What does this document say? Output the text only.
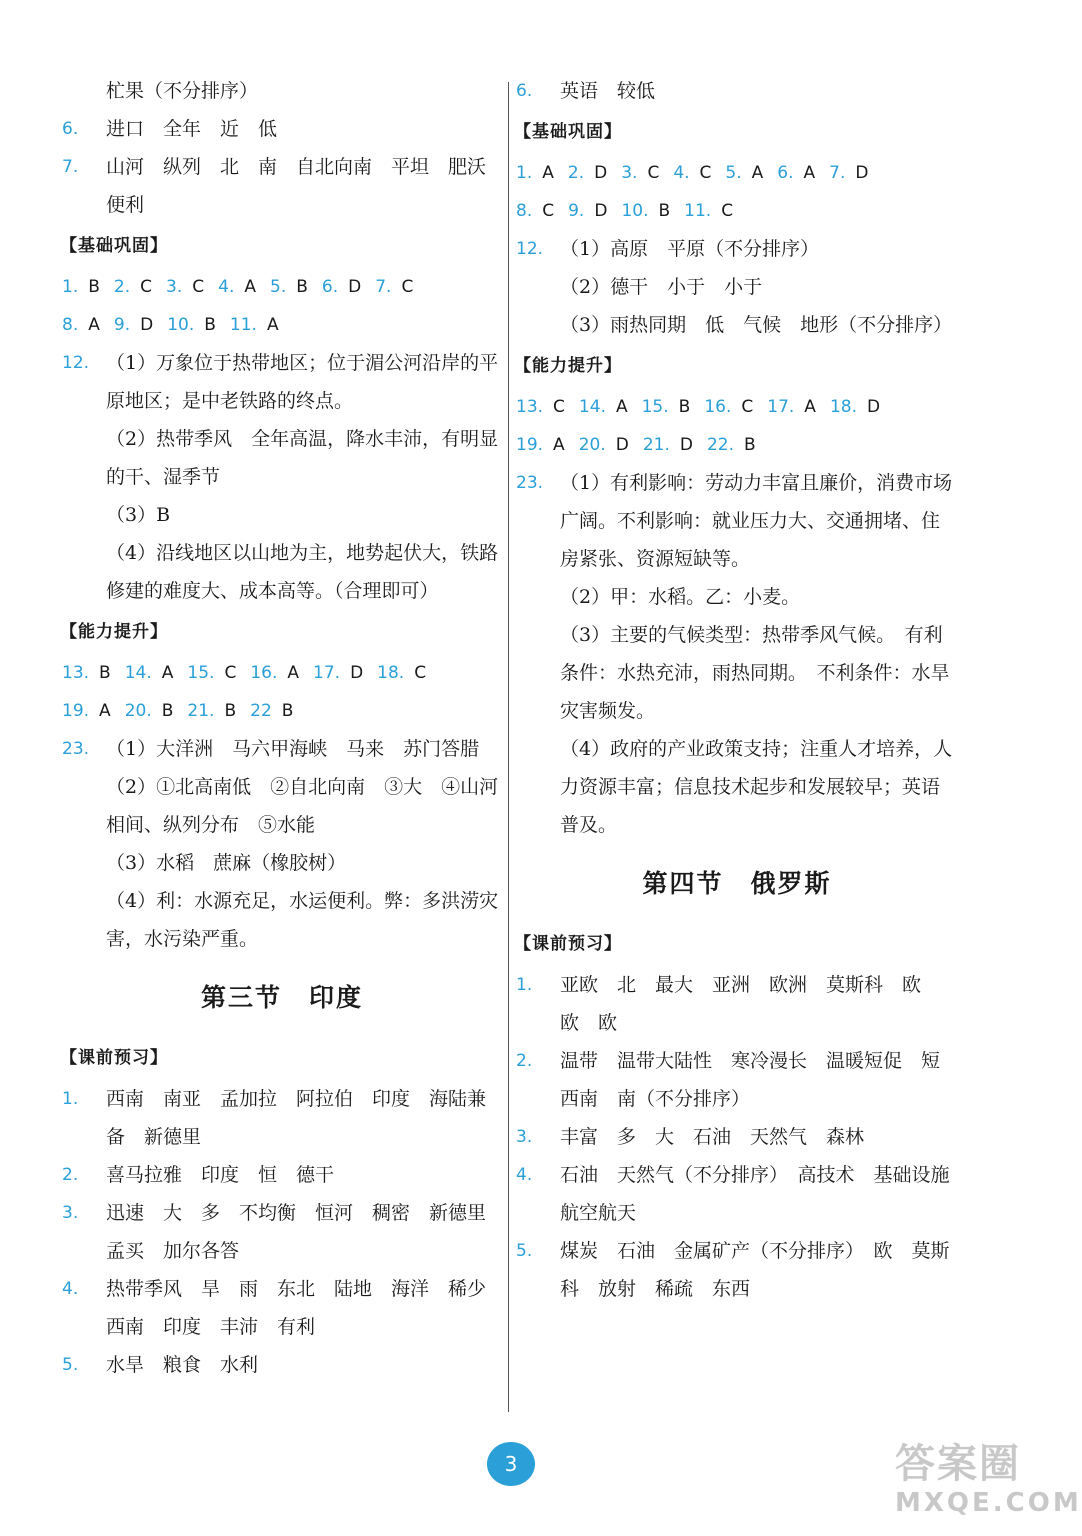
杧果（不分排序）
6. 进口　全年　近　低
7. 山河　纵列　北　南　自北向南　平坦　肥沃　便利
【基础巩固】
1. B 2. C 3. C 4. A 5. B 6. D 7. C
8. A 9. D 10. B 11. A
12. （1）万象位于热带地区；位于湄公河沿岸的平原地区；是中老铁路的终点。
（2）热带季风　全年高温，降水丰沛，有明显的干、湿季节
（3）B
（4）沿线地区以山地为主，地势起伏大，铁路修建的难度大、成本高等。（合理即可）
【能力提升】
13. B 14. A 15. C 16. A 17. D 18. C
19. A 20. B 21. B 22 B
23. （1）大洋洲　马六甲海峡　马来　苏门答腊
（2）①北高南低　②自北向南　③大　④山河相间、纵列分布　⑤水能
（3）水稻　蔗麻（橡胶树）
（4）利：水源充足，水运便利。弊：多洪涝灾害，水污染严重。
第三节　印度
【课前预习】
1. 西南　南亚　孟加拉　阿拉伯　印度　海陆兼备　新德里
2. 喜马拉雅　印度　恒　德干
3. 迅速　大　多　不均衡　恒河　稠密　新德里　孟买　加尔各答
4. 热带季风　旱　雨　东北　陆地　海洋　稀少　西南　印度　丰沛　有利
5. 水旱　粮食　水利
6. 英语　较低
【基础巩固】
1. A 2. D 3. C 4. C 5. A 6. A 7. D
8. C 9. D 10. B 11. C
12. （1）高原　平原（不分排序）
（2）德干　小于　小于
（3）雨热同期　低　气候　地形（不分排序）
【能力提升】
13. C 14. A 15. B 16. C 17. A 18. D
19. A 20. D 21. D 22. B
23. （1）有利影响：劳动力丰富且廉价，消费市场广阔。不利影响：就业压力大、交通拥堵、住房紧张、资源短缺等。
（2）甲：水稻。乙：小麦。
（3）主要的气候类型：热带季风气候。　有利条件：水热充沛，雨热同期。　不利条件：水旱灾害频发。
（4）政府的产业政策支持；注重人才培养，人力资源丰富；信息技术起步和发展较早；英语普及。
第四节　俄罗斯
【课前预习】
1. 亚欧　北　最大　亚洲　欧洲　莫斯科　欧　欧　欧
2. 温带　温带大陆性　寒冷漫长　温暖短促　短　西南　南（不分排序）
3. 丰富　多　大　石油　天然气　森林
4. 石油　天然气（不分排序）　高技术　基础设施　航空航天
5. 煤炭　石油　金属矿产（不分排序）　欧　莫斯科　放射　稀疏　东西
3	答案圈
MXQE.COM
